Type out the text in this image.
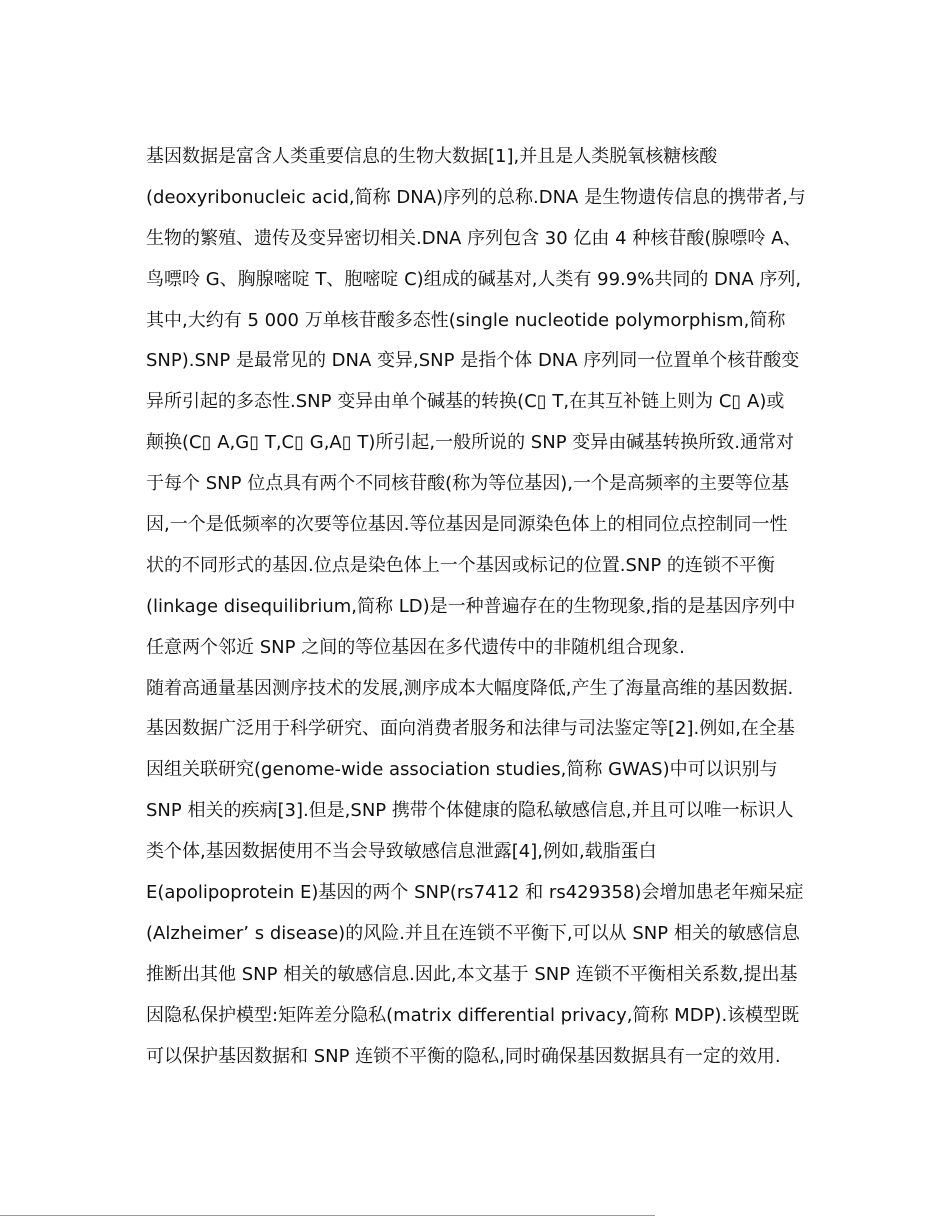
基因数据是富含人类重要信息的生物大数据[1],并且是人类脱氧核糖核酸
(deoxyribonucleic acid,简称 DNA)序列的总称.DNA 是生物遗传信息的携带者,与
生物的繁殖、遗传及变异密切相关.DNA 序列包含 30 亿由 4 种核苷酸(腺嘌呤 A、
鸟嘌呤 G、胸腺嘧啶 T、胞嘧啶 C)组成的碱基对,人类有 99.9%共同的 DNA 序列,
其中,大约有 5 000 万单核苷酸多态性(single nucleotide polymorphism,简称
SNP).SNP 是最常见的 DNA 变异,SNP 是指个体 DNA 序列同一位置单个核苷酸变
异所引起的多态性.SNP 变异由单个碱基的转换(C▯ T,在其互补链上则为 C▯ A)或
颠换(C▯ A,G▯ T,C▯ G,A▯ T)所引起,一般所说的 SNP 变异由碱基转换所致.通常对
于每个 SNP 位点具有两个不同核苷酸(称为等位基因),一个是高频率的主要等位基
因,一个是低频率的次要等位基因.等位基因是同源染色体上的相同位点控制同一性
状的不同形式的基因.位点是染色体上一个基因或标记的位置.SNP 的连锁不平衡
(linkage disequilibrium,简称 LD)是一种普遍存在的生物现象,指的是基因序列中
任意两个邻近 SNP 之间的等位基因在多代遗传中的非随机组合现象.
随着高通量基因测序技术的发展,测序成本大幅度降低,产生了海量高维的基因数据.
基因数据广泛用于科学研究、面向消费者服务和法律与司法鉴定等[2].例如,在全基
因组关联研究(genome-wide association studies,简称 GWAS)中可以识别与
SNP 相关的疾病[3].但是,SNP 携带个体健康的隐私敏感信息,并且可以唯一标识人
类个体,基因数据使用不当会导致敏感信息泄露[4],例如,载脂蛋白
E(apolipoprotein E)基因的两个 SNP(rs7412 和 rs429358)会增加患老年痴呆症
(Alzheimer’ s disease)的风险.并且在连锁不平衡下,可以从 SNP 相关的敏感信息
推断出其他 SNP 相关的敏感信息.因此,本文基于 SNP 连锁不平衡相关系数,提出基
因隐私保护模型:矩阵差分隐私(matrix differential privacy,简称 MDP).该模型既
可以保护基因数据和 SNP 连锁不平衡的隐私,同时确保基因数据具有一定的效用.
